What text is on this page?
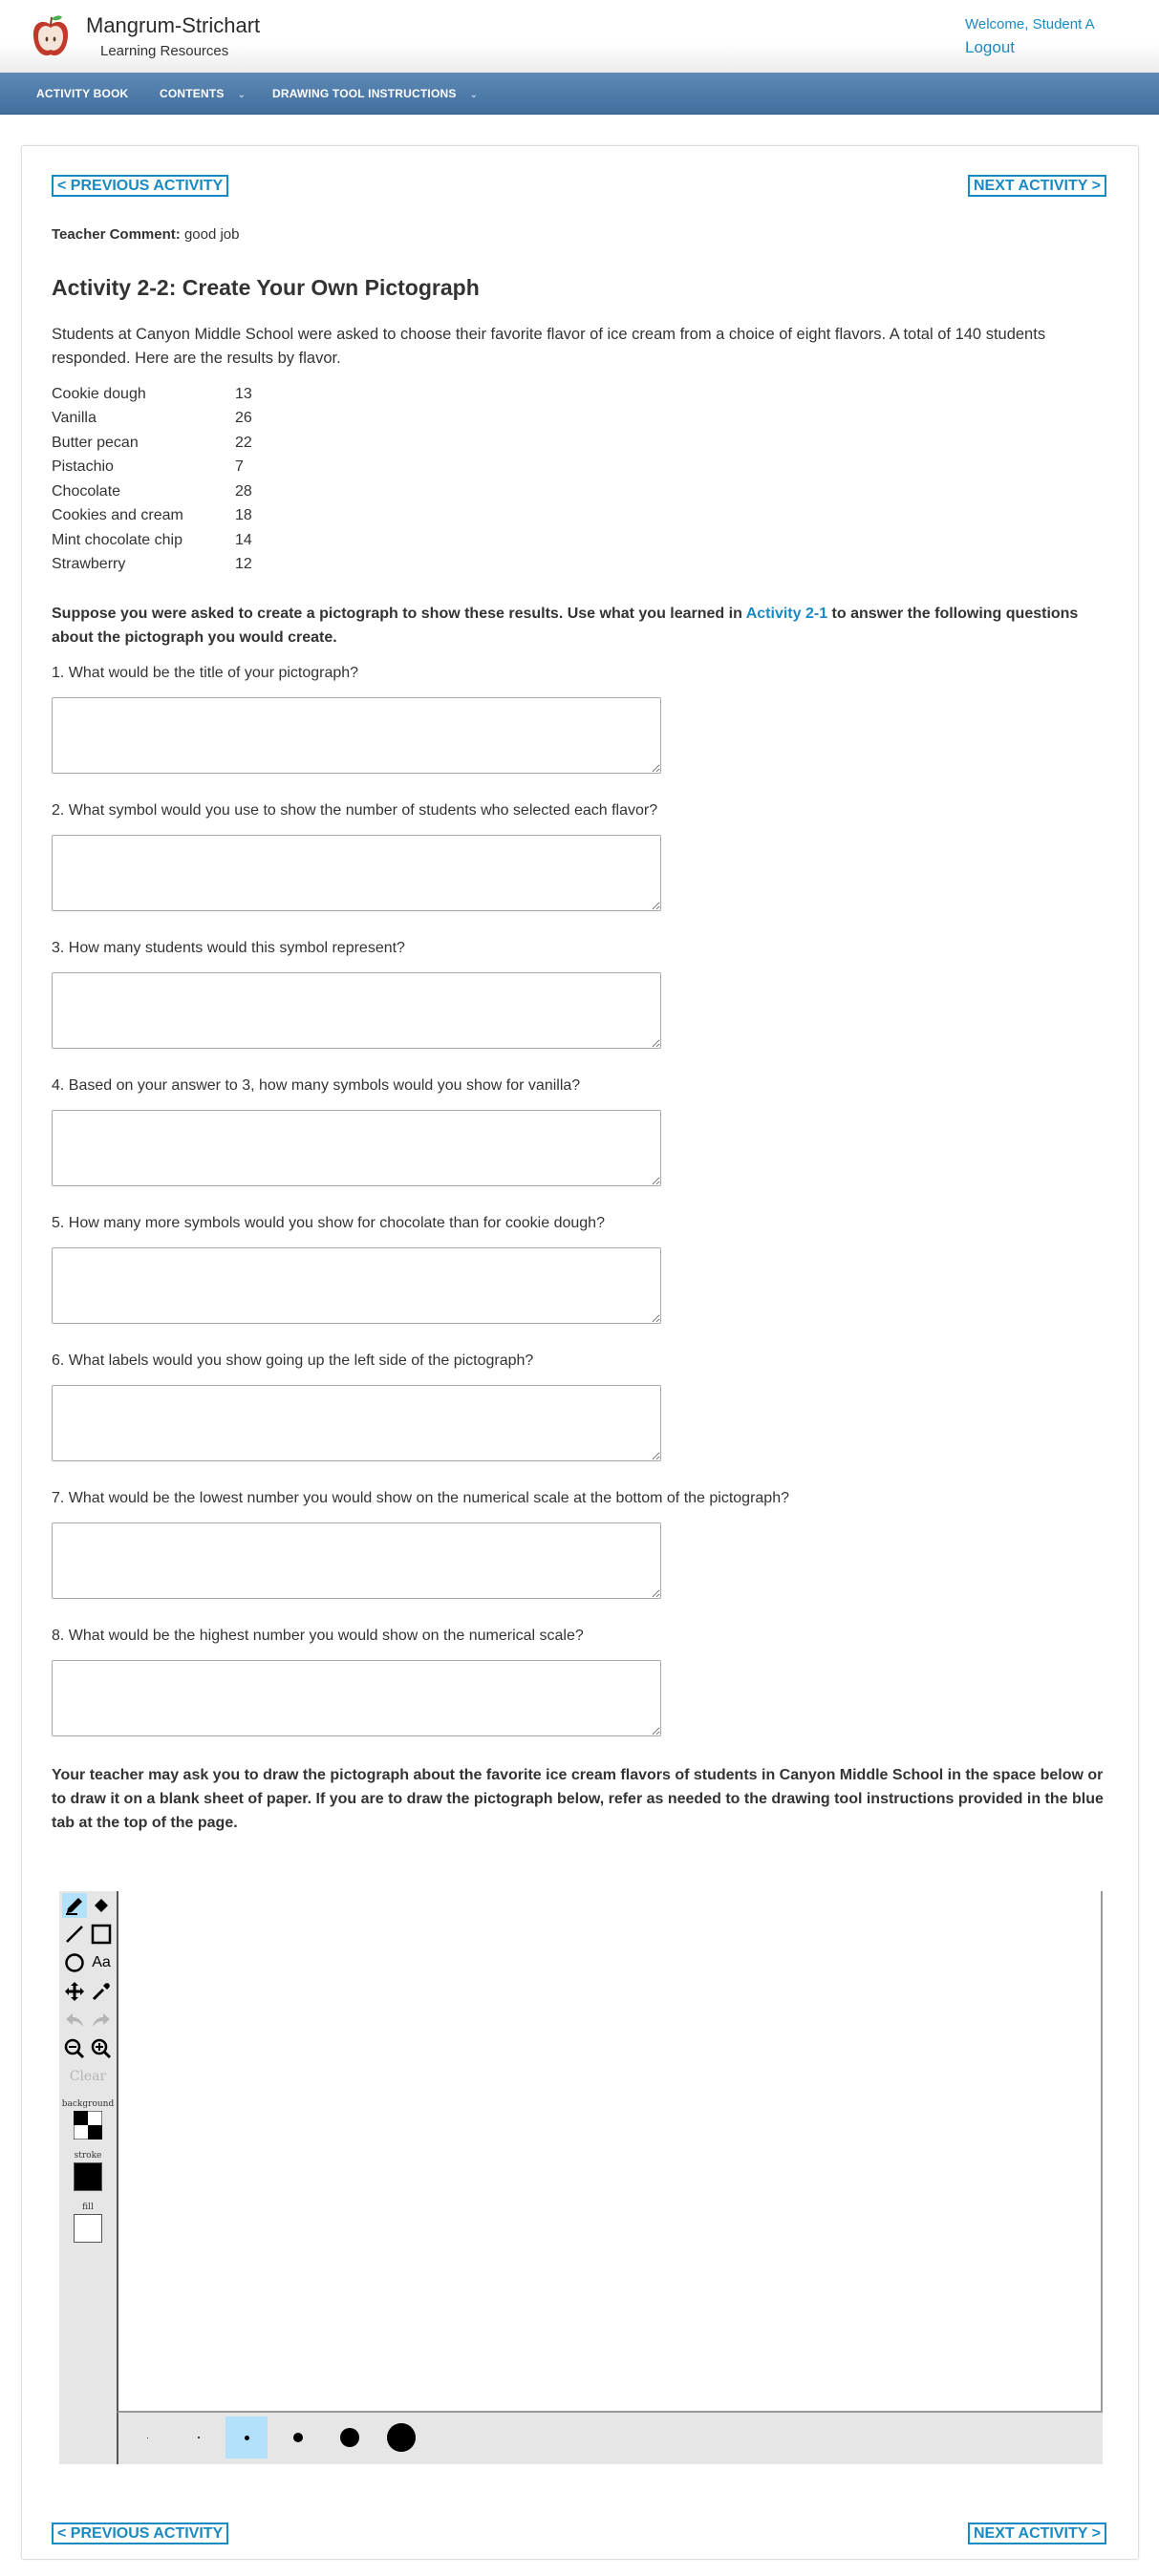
Mangrum-Strichart
Learning Resources
Welcome, Student A
Logout
ACTIVITY BOOK	CONTENTS ⌄ DRAWING TOOL INSTRUCTIONS ⌄
< PREVIOUS ACTIVITY	NEXT ACTIVITY >
Teacher Comment: good job
Activity 2-2: Create Your Own Pictograph
Students at Canyon Middle School were asked to choose their favorite flavor of ice cream from a choice of eight flavors. A total of 140 students responded. Here are the results by flavor.
Cookie dough	13
Vanilla	26
Butter pecan	22
Pistachio	7
Chocolate	28
Cookies and cream	18
Mint chocolate chip	14
Strawberry	12
Suppose you were asked to create a pictograph to show these results. Use what you learned in Activity 2-1 to answer the following questions about the pictograph you would create.
1. What would be the title of your pictograph?
2. What symbol would you use to show the number of students who selected each flavor?
3. How many students would this symbol represent?
4. Based on your answer to 3, how many symbols would you show for vanilla?
5. How many more symbols would you show for chocolate than for cookie dough?
6. What labels would you show going up the left side of the pictograph?
7. What would be the lowest number you would show on the numerical scale at the bottom of the pictograph?
8. What would be the highest number you would show on the numerical scale?
Your teacher may ask you to draw the pictograph about the favorite ice cream flavors of students in Canyon Middle School in the space below or to draw it on a blank sheet of paper. If you are to draw the pictograph below, refer as needed to the drawing tool instructions provided in the blue tab at the top of the page.
Aa
Clear
background
stroke
fill
< PREVIOUS ACTIVITY	NEXT ACTIVITY >
